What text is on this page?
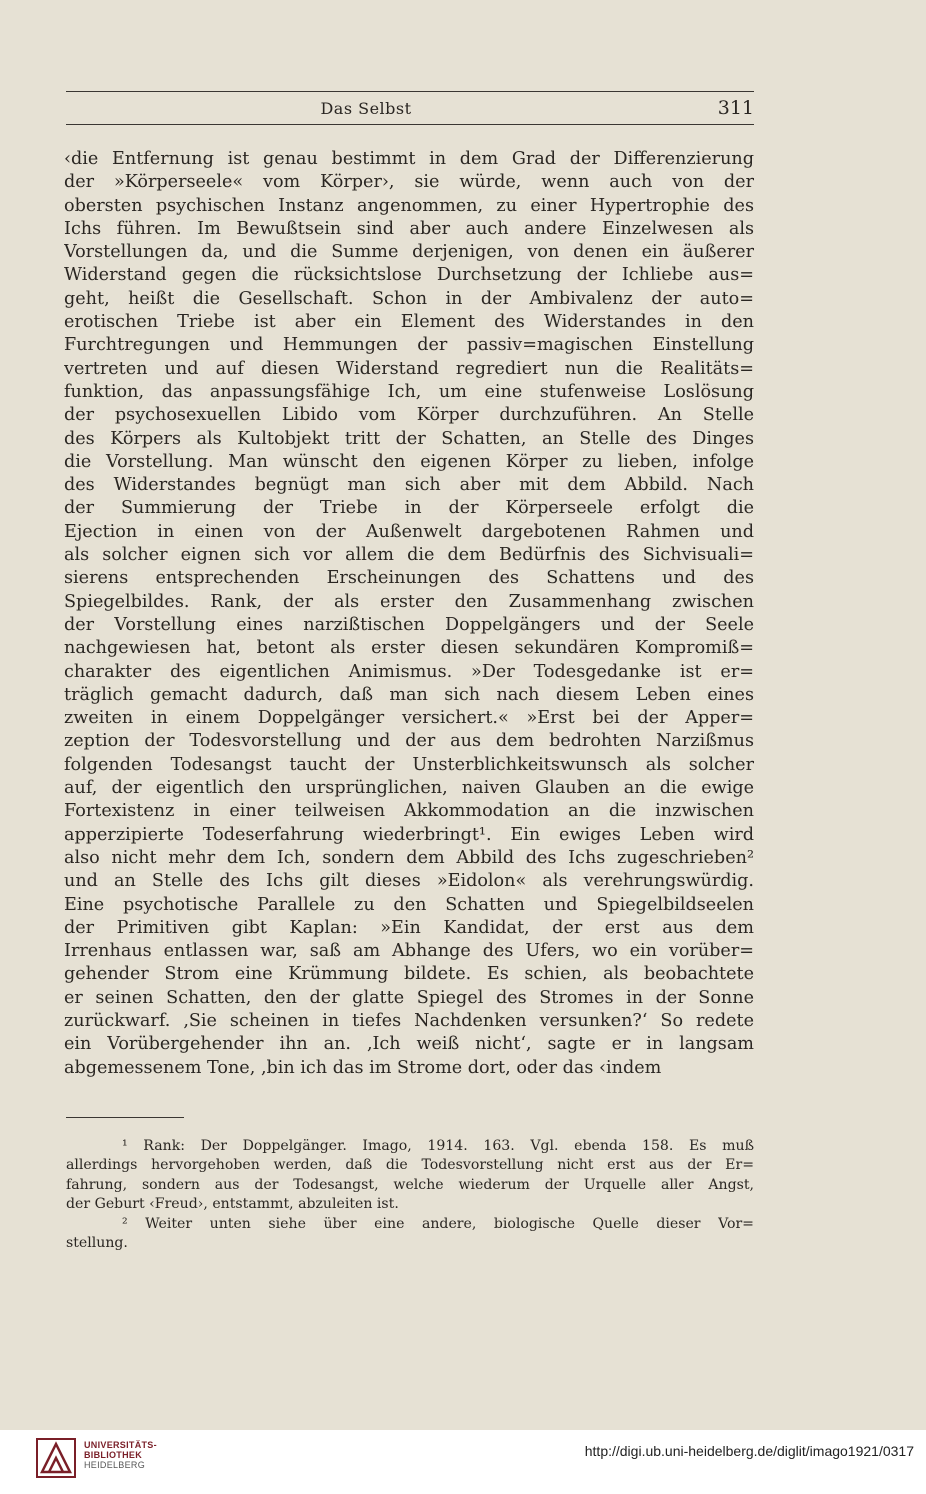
Das Selbst	311
‹die Entfernung ist genau bestimmt in dem Grad der Differenzierung
der »Körperseele« vom Körper›, sie würde, wenn auch von der
obersten psychischen Instanz angenommen, zu einer Hypertrophie des
Ichs führen. Im Bewußtsein sind aber auch andere Einzelwesen als
Vorstellungen da, und die Summe derjenigen, von denen ein äußerer
Widerstand gegen die rücksichtslose Durchsetzung der Ichliebe aus=
geht, heißt die Gesellschaft. Schon in der Ambivalenz der auto=
erotischen Triebe ist aber ein Element des Widerstandes in den
Furchtregungen und Hemmungen der passiv=magischen Einstellung
vertreten und auf diesen Widerstand regrediert nun die Realitäts=
funktion, das anpassungsfähige Ich, um eine stufenweise Loslösung
der psychosexuellen Libido vom Körper durchzuführen. An Stelle
des Körpers als Kultobjekt tritt der Schatten, an Stelle des Dinges
die Vorstellung. Man wünscht den eigenen Körper zu lieben, infolge
des Widerstandes begnügt man sich aber mit dem Abbild. Nach
der Summierung der Triebe in der Körperseele erfolgt die
Ejection in einen von der Außenwelt dargebotenen Rahmen und
als solcher eignen sich vor allem die dem Bedürfnis des Sichvisuali=
sierens entsprechenden Erscheinungen des Schattens und des
Spiegelbildes. Rank, der als erster den Zusammenhang zwischen
der Vorstellung eines narzißtischen Doppelgängers und der Seele
nachgewiesen hat, betont als erster diesen sekundären Kompromiß=
charakter des eigentlichen Animismus. »Der Todesgedanke ist er=
träglich gemacht dadurch, daß man sich nach diesem Leben eines
zweiten in einem Doppelgänger versichert.« »Erst bei der Apper=
zeption der Todesvorstellung und der aus dem bedrohten Narzißmus
folgenden Todesangst taucht der Unsterblichkeitswunsch als solcher
auf, der eigentlich den ursprünglichen, naiven Glauben an die ewige
Fortexistenz in einer teilweisen Akkommodation an die inzwischen
apperzipierte Todeserfahrung wiederbringt¹. Ein ewiges Leben wird
also nicht mehr dem Ich, sondern dem Abbild des Ichs zugeschrieben²
und an Stelle des Ichs gilt dieses »Eidolon« als verehrungswürdig.
Eine psychotische Parallele zu den Schatten und Spiegelbildseelen
der Primitiven gibt Kaplan: »Ein Kandidat, der erst aus dem
Irrenhaus entlassen war, saß am Abhange des Ufers, wo ein vorüber=
gehender Strom eine Krümmung bildete. Es schien, als beobachtete
er seinen Schatten, den der glatte Spiegel des Stromes in der Sonne
zurückwarf. ‚Sie scheinen in tiefes Nachdenken versunken?‘ So redete
ein Vorübergehender ihn an. ‚Ich weiß nicht‘, sagte er in langsam
abgemessenem Tone, ‚bin ich das im Strome dort, oder das ‹indem
¹ Rank: Der Doppelgänger. Imago, 1914. 163. Vgl. ebenda 158. Es muß
allerdings hervorgehoben werden, daß die Todesvorstellung nicht erst aus der Er=
fahrung, sondern aus der Todesangst, welche wiederum der Urquelle aller Angst,
der Geburt ‹Freud›, entstammt, abzuleiten ist.
² Weiter unten siehe über eine andere, biologische Quelle dieser Vor=
stellung.
UNIVERSITÄTS-
BIBLIOTHEK
HEIDELBERG
http://digi.ub.uni-heidelberg.de/diglit/imago1921/0317
